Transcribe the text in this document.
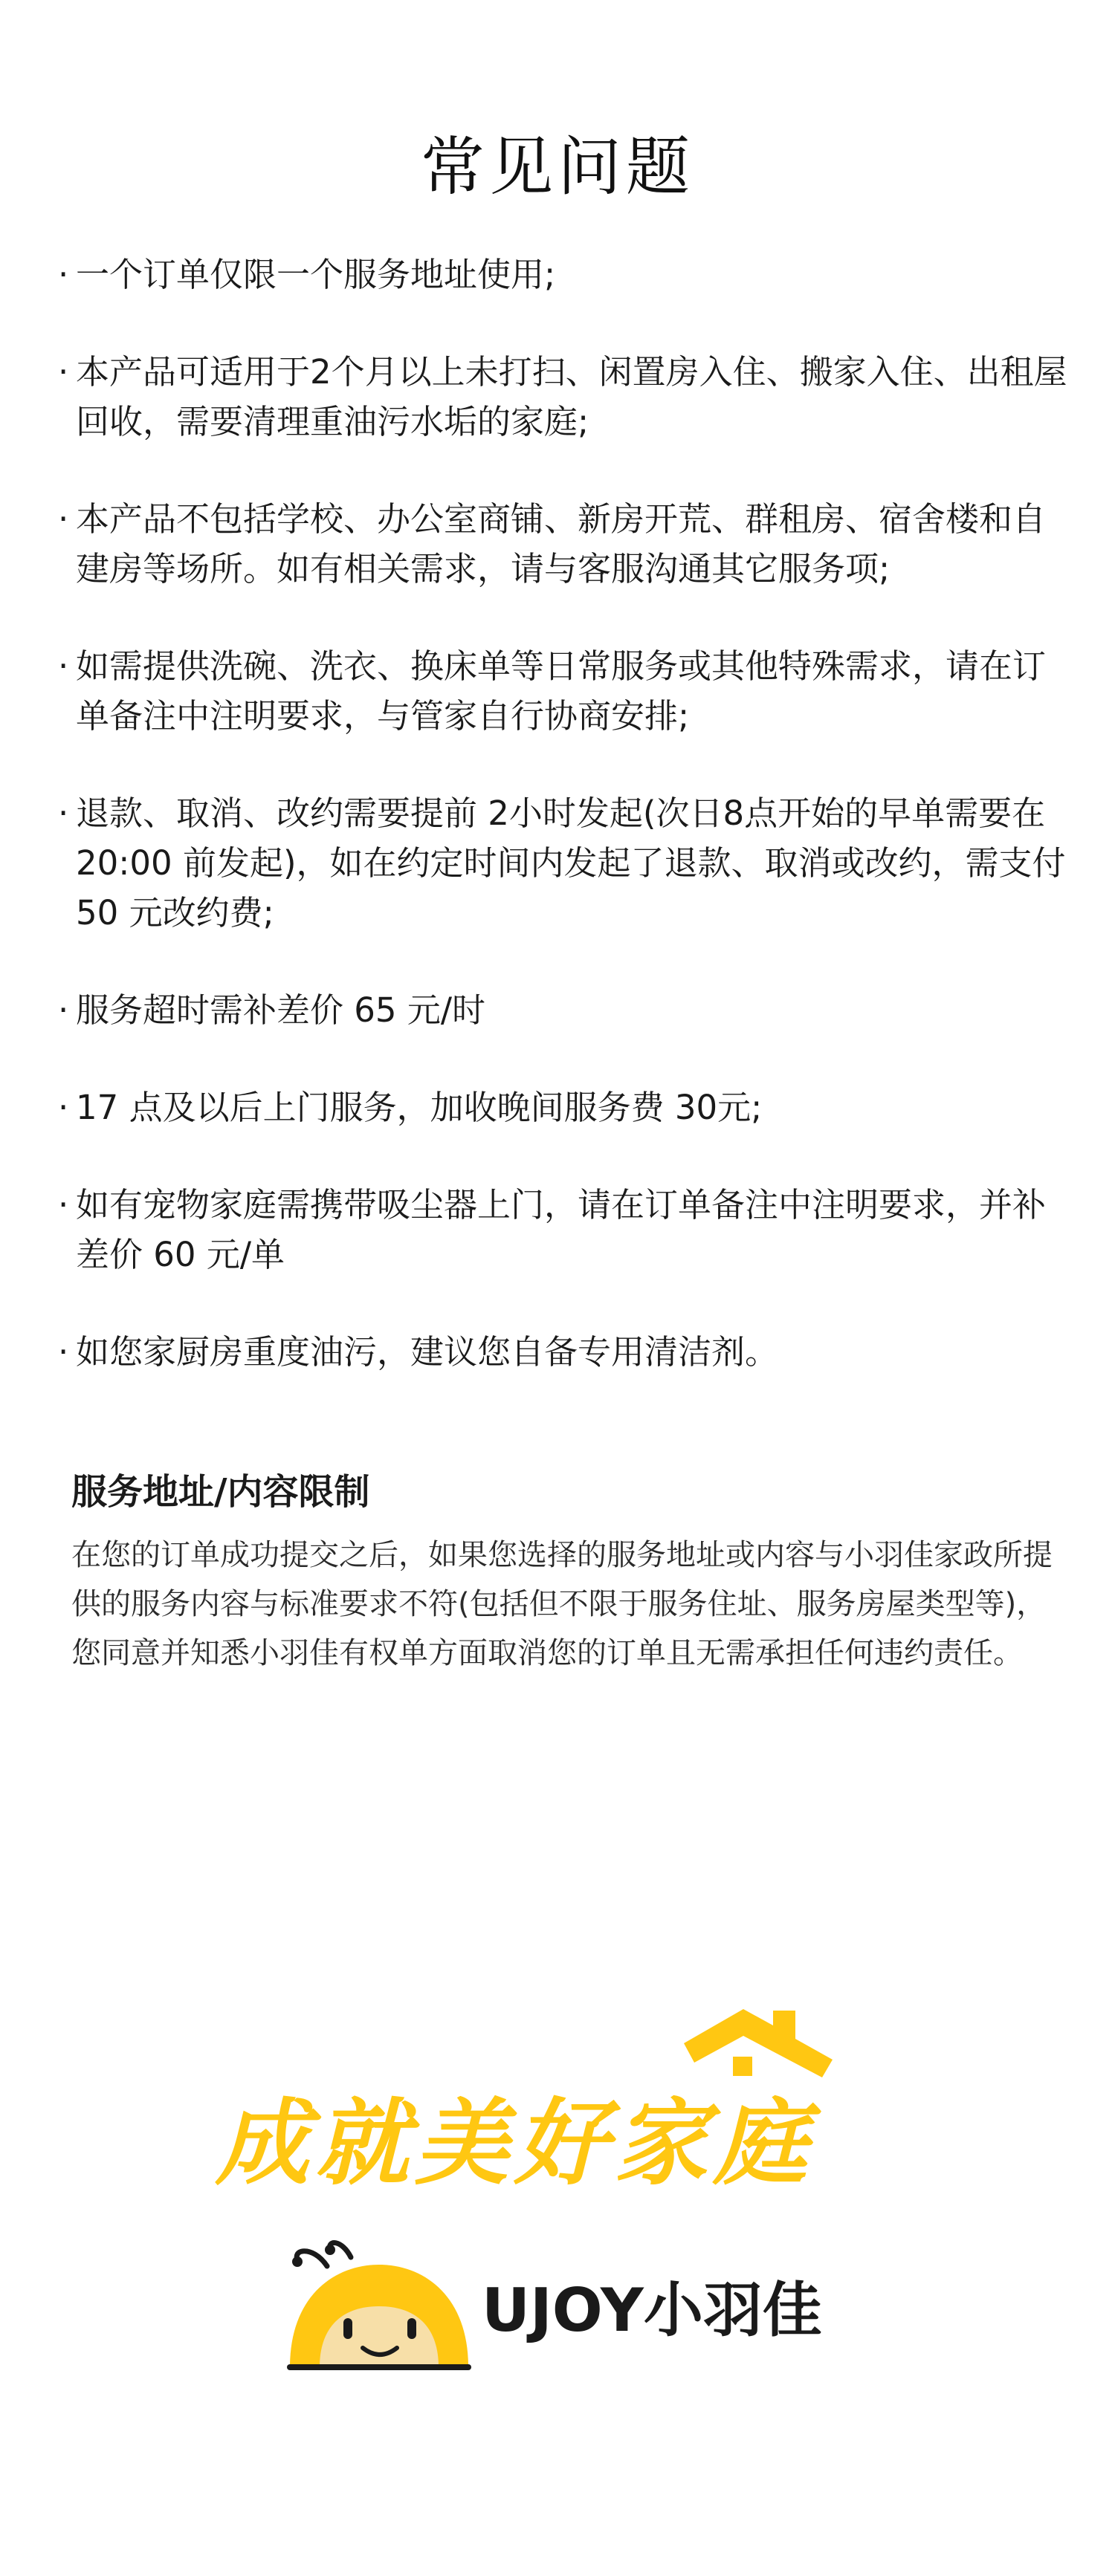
常见问题
· 一个订单仅限一个服务地址使用;
· 本产品可适用于2个月以上未打扫、闲置房入住、搬家入住、出租屋回收，需要清理重油污水垢的家庭;
· 本产品不包括学校、办公室商铺、新房开荒、群租房、宿舍楼和自建房等场所。如有相关需求，请与客服沟通其它服务项;
· 如需提供洗碗、洗衣、换床单等日常服务或其他特殊需求，请在订单备注中注明要求，与管家自行协商安排;
· 退款、取消、改约需要提前 2小时发起(次日8点开始的早单需要在 20:00 前发起)，如在约定时间内发起了退款、取消或改约，需支付 50 元改约费;
· 服务超时需补差价 65 元/时
· 17 点及以后上门服务，加收晚间服务费 30元;
· 如有宠物家庭需携带吸尘器上门，请在订单备注中注明要求，并补差价 60 元/单
· 如您家厨房重度油污，建议您自备专用清洁剂。
服务地址/内容限制

在您的订单成功提交之后，如果您选择的服务地址或内容与小羽佳家政所提供的服务内容与标准要求不符(包括但不限于服务住址、服务房屋类型等)，您同意并知悉小羽佳有权单方面取消您的订单且无需承担任何违约责任。

成就美好家庭
UJOY小羽佳
